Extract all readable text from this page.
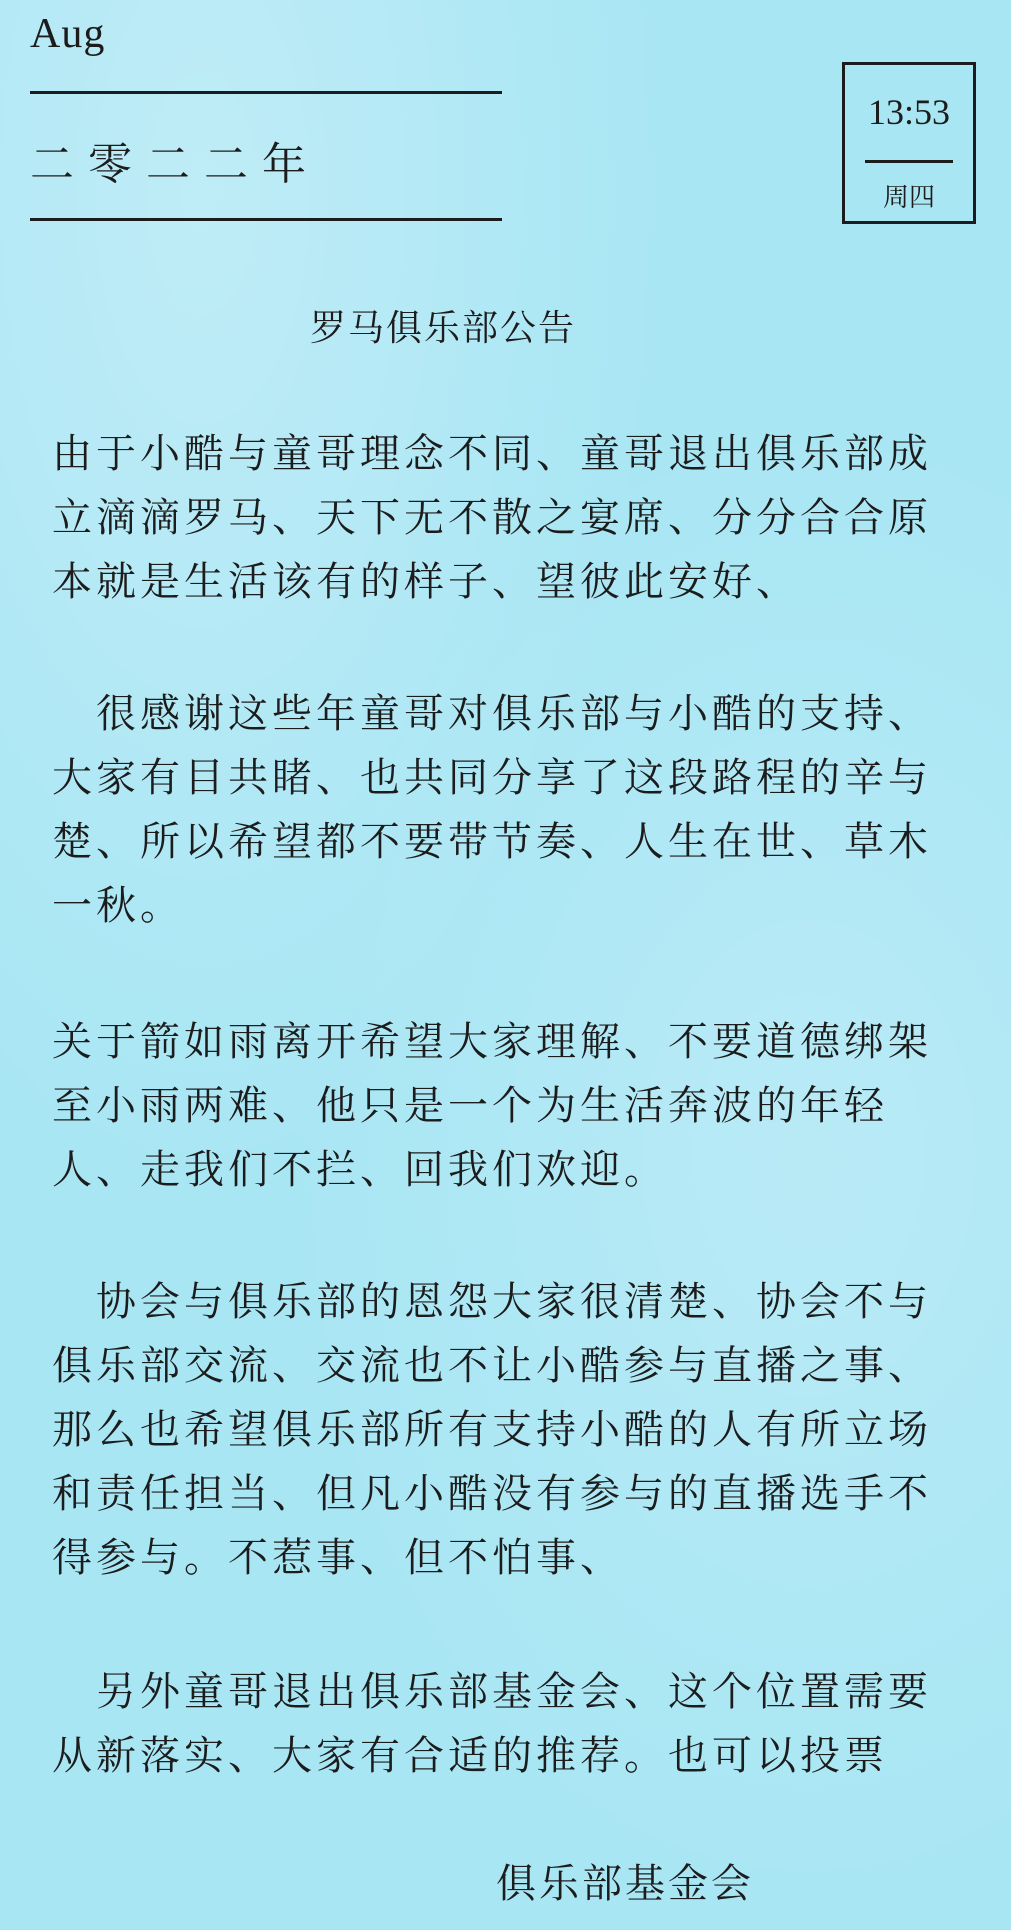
Aug
二零二二年
13:53
周四
罗马俱乐部公告

由于小酷与童哥理念不同、童哥退出俱乐部成立滴滴罗马、天下无不散之宴席、分分合合原本就是生活该有的样子、望彼此安好、

　很感谢这些年童哥对俱乐部与小酷的支持、大家有目共睹、也共同分享了这段路程的辛与楚、所以希望都不要带节奏、人生在世、草木一秋。

关于箭如雨离开希望大家理解、不要道德绑架至小雨两难、他只是一个为生活奔波的年轻人、走我们不拦、回我们欢迎。

　协会与俱乐部的恩怨大家很清楚、协会不与俱乐部交流、交流也不让小酷参与直播之事、那么也希望俱乐部所有支持小酷的人有所立场和责任担当、但凡小酷没有参与的直播选手不得参与。不惹事、但不怕事、

　另外童哥退出俱乐部基金会、这个位置需要从新落实、大家有合适的推荐。也可以投票

俱乐部基金会
